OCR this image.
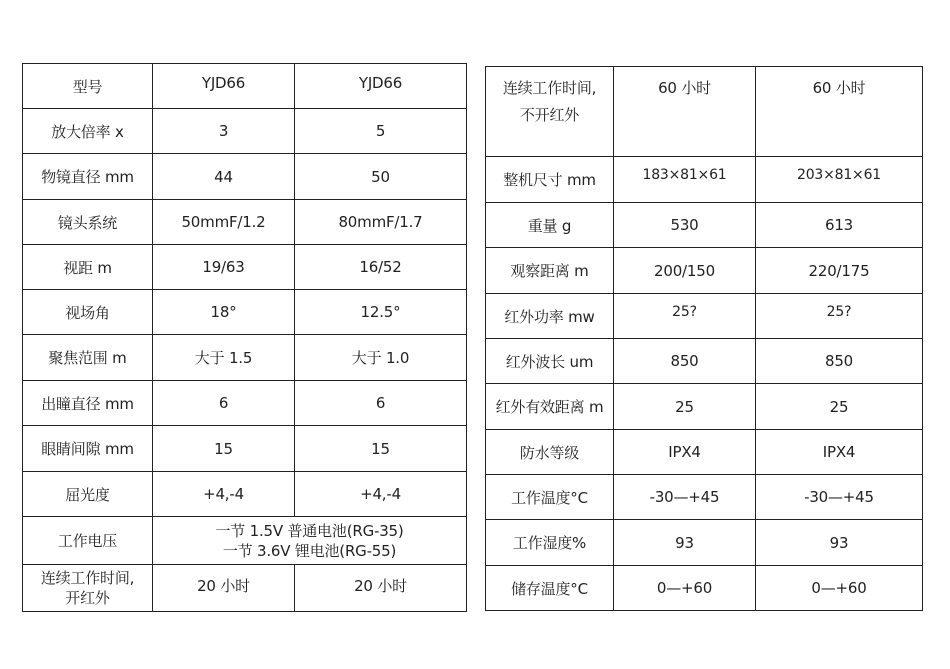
型号	YJD66	YJD66
放大倍率 x	3	5
物镜直径 mm	44	50
镜头系统	50mmF/1.2	80mmF/1.7
视距 m	19/63	16/52
视场角	18°	12.5°
聚焦范围 m	大于 1.5	大于 1.0
出瞳直径 mm	6	6
眼睛间隙 mm	15	15
屈光度	+4,-4	+4,-4
工作电压	一节 1.5V 普通电池(RG-35)
一节 3.6V 锂电池(RG-55)	

连续工作时间,
开红外	20 小时	20 小时
连续工作时间,
不开红外	60 小时	60 小时
整机尺寸 mm	183×81×61	203×81×61
重量 g	530	613
观察距离 m	200/150	220/175
红外功率 mw	25?	25?
红外波长 um	850	850
红外有效距离 m	25	25
防水等级	IPX4	IPX4
工作温度°C	-30—+45	-30—+45
工作湿度%	93	93
储存温度°C	0—+60	0—+60
